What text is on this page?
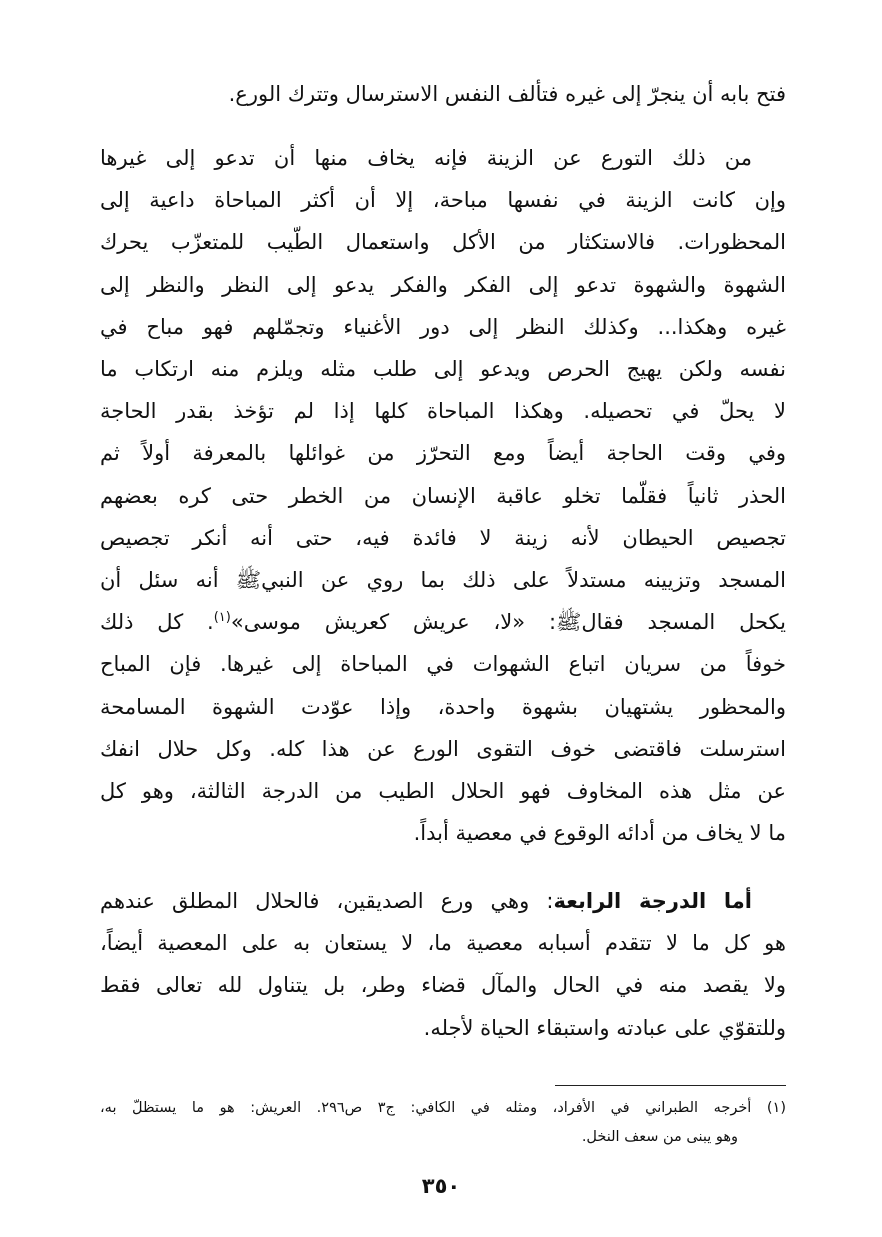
فتح بابه أن ينجرّ إلى غيره فتألف النفس الاسترسال وتترك الورع.
من ذلك التورع عن الزينة فإنه يخاف منها أن تدعو إلى غيرها
وإن كانت الزينة في نفسها مباحة، إلا أن أكثر المباحاة داعية إلى
المحظورات. فالاستكثار من الأكل واستعمال الطّيب للمتعزّب يحرك
الشهوة والشهوة تدعو إلى الفكر والفكر يدعو إلى النظر والنظر إلى
غيره وهكذا... وكذلك النظر إلى دور الأغنياء وتجمّلهم فهو مباح في
نفسه ولكن يهيج الحرص ويدعو إلى طلب مثله ويلزم منه ارتكاب ما
لا يحلّ في تحصيله. وهكذا المباحاة كلها إذا لم تؤخذ بقدر الحاجة
وفي وقت الحاجة أيضاً ومع التحرّز من غوائلها بالمعرفة أولاً ثم
الحذر ثانياً فقلّما تخلو عاقبة الإنسان من الخطر حتى كره بعضهم
تجصيص الحيطان لأنه زينة لا فائدة فيه، حتى أنه أنكر تجصيص
المسجد وتزيينه مستدلاً على ذلك بما روي عن النبيﷺ أنه سئل أن
يكحل المسجد فقالﷺ: «لا، عريش كعريش موسى»$^{(١)}$. كل ذلك
خوفاً من سريان اتباع الشهوات في المباحاة إلى غيرها. فإن المباح
والمحظور يشتهيان بشهوة واحدة، وإذا عوّدت الشهوة المسامحة
استرسلت فاقتضى خوف التقوى الورع عن هذا كله. وكل حلال انفك
عن مثل هذه المخاوف فهو الحلال الطيب من الدرجة الثالثة، وهو كل
ما لا يخاف من أدائه الوقوع في معصية أبداً.
أما الدرجة الرابعة: وهي ورع الصديقين، فالحلال المطلق عندهم
هو كل ما لا تتقدم أسبابه معصية ما، لا يستعان به على المعصية أيضاً،
ولا يقصد منه في الحال والمآل قضاء وطر، بل يتناول لله تعالى فقط
وللتقوّي على عبادته واستبقاء الحياة لأجله.
(١) أخرجه الطبراني في الأفراد، ومثله في الكافي: ج٣ ص٢٩٦. العريش: هو ما يستظلّ به،
وهو يبنى من سعف النخل.
٣٥٠
